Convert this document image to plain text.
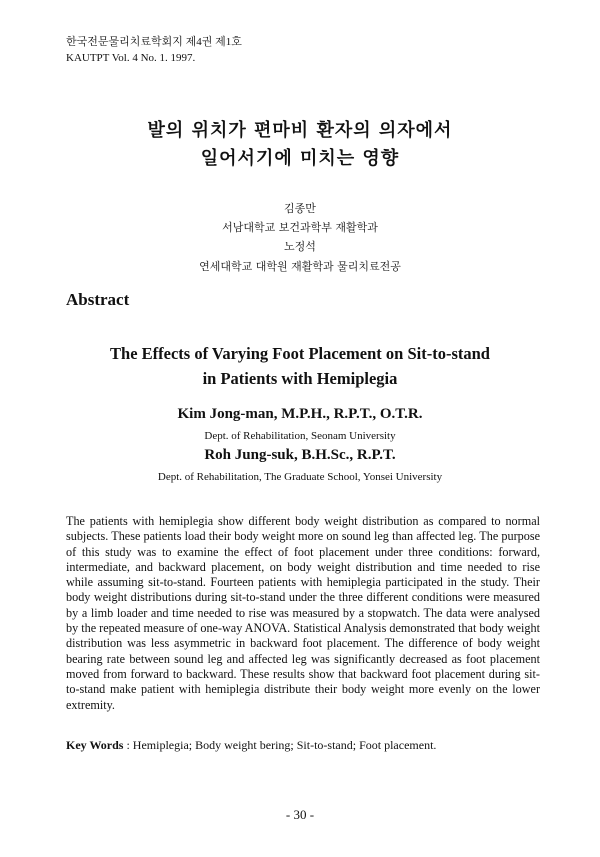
한국전문물리치료학회지 제4권 제1호
KAUTPT Vol. 4 No. 1. 1997.
발의 위치가 편마비 환자의 의자에서
일어서기에 미치는 영향
김종만
서남대학교 보건과학부 재활학과
노정석
연세대학교 대학원 재활학과 물리치료전공
Abstract
The Effects of Varying Foot Placement on Sit-to-stand
in Patients with Hemiplegia
Kim Jong-man, M.P.H., R.P.T., O.T.R.
Dept. of Rehabilitation, Seonam University
Roh Jung-suk, B.H.Sc., R.P.T.
Dept. of Rehabilitation, The Graduate School, Yonsei University

The patients with hemiplegia show different body weight distribution as compared to normal subjects. These patients load their body weight more on sound leg than affected leg. The purpose of this study was to examine the effect of foot placement under three conditions: forward, intermediate, and backward placement, on body weight distribution and time needed to rise while assuming sit-to-stand. Fourteen patients with hemiplegia participated in the study. Their body weight distributions during sit-to-stand under the three different conditions were measured by a limb loader and time needed to rise was measured by a stopwatch. The data were analysed by the repeated measure of one-way ANOVA. Statistical Analysis demonstrated that body weight distribution was less asymmetric in backward foot placement. The difference of body weight bearing rate between sound leg and affected leg was significantly decreased as foot placement moved from forward to backward. These results show that backward foot placement during sit-to-stand make patient with hemiplegia distribute their body weight more evenly on the lower extremity.

Key Words : Hemiplegia; Body weight bering; Sit-to-stand; Foot placement.
- 30 -
